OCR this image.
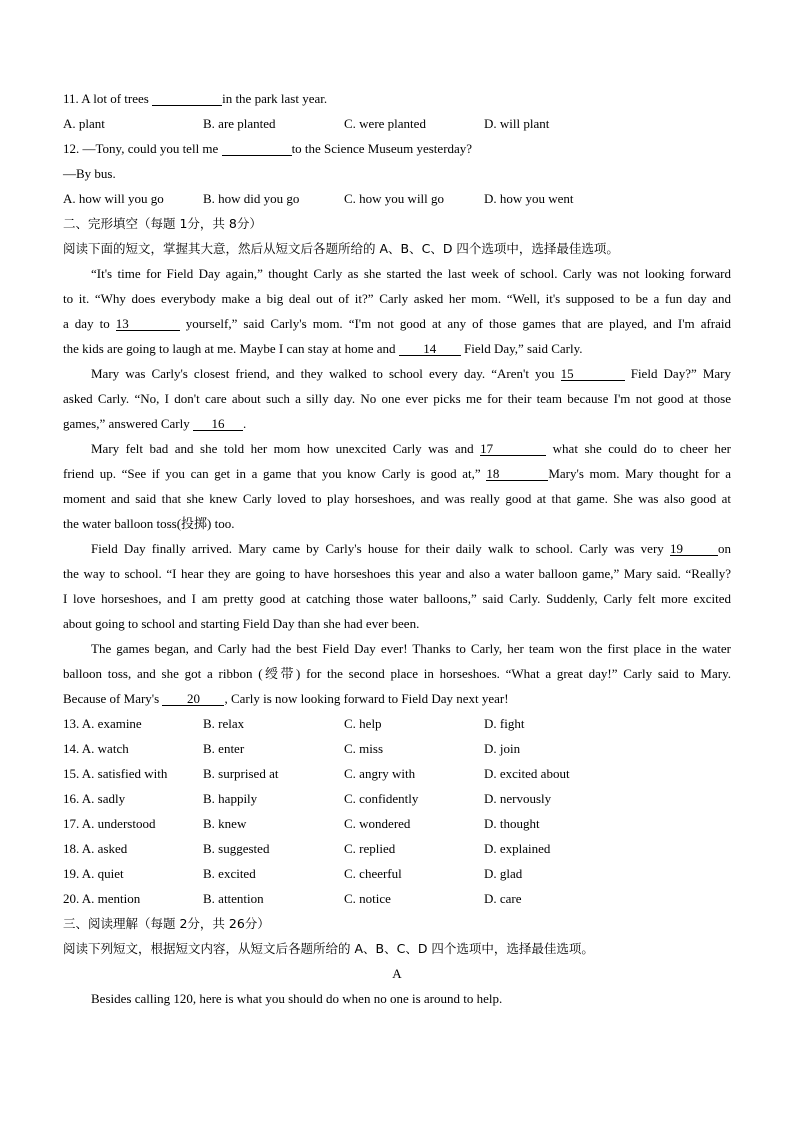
11. A lot of trees	in the park last year.
A. plant	B. are planted	C. were planted	D. will plant
12. —Tony, could you tell me	to the Science Museum yesterday?
—By bus.
A. how will you go	B. how did you go	C. how you will go	D. how you went
二、完形填空（每题 1分，共 8分）
阅读下面的短文，掌握其大意，然后从短文后各题所给的 A、B、C、D 四个选项中，选择最佳选项。
“It's time for Field Day again,” thought Carly as she started the last week of school. Carly was not looking forward
to it. “Why does everybody make a big deal out of it?” Carly asked her mom. “Well, it's supposed to be a fun day and
a day to 13	yourself,” said Carly's mom. “I'm not good at any of those games that are played, and I'm afraid
the kids are going to laugh at me. Maybe I can stay at home and 14 Field Day,” said Carly.
Mary was Carly's closest friend, and they walked to school every day. “Aren't you 15	Field Day?” Mary
asked Carly. “No, I don't care about such a silly day. No one ever picks me for their team because I'm not good at those
games,” answered Carly 16 .
Mary felt bad and she told her mom how unexcited Carly was and 17	what she could do to cheer her
friend up. “See if you can get in a game that you know Carly is good at,” 18	Mary's mom. Mary thought for a
moment and said that she knew Carly loved to play horseshoes, and was really good at that game. She was also good at
the water balloon toss(投掷) too.
Field Day finally arrived. Mary came by Carly's house for their daily walk to school. Carly was very 19	on
the way to school. “I hear they are going to have horseshoes this year and also a water balloon game,” Mary said. “Really?
I love horseshoes, and I am pretty good at catching those water balloons,” said Carly. Suddenly, Carly felt more excited
about going to school and starting Field Day than she had ever been.
The games began, and Carly had the best Field Day ever! Thanks to Carly, her team won the first place in the water
balloon toss, and she got a ribbon (绶带) for the second place in horseshoes. “What a great day!” Carly said to Mary.
Because of Mary's 20 , Carly is now looking forward to Field Day next year!
13. A. examine	B. relax	C. help	D. fight
14. A. watch	B. enter	C. miss	D. join
15. A. satisfied with	B. surprised at	C. angry with	D. excited about
16. A. sadly	B. happily	C. confidently	D. nervously
17. A. understood	B. knew	C. wondered	D. thought
18. A. asked	B. suggested	C. replied	D. explained
19. A. quiet	B. excited	C. cheerful	D. glad
20. A. mention	B. attention	C. notice	D. care
三、阅读理解（每题 2分，共 26分）
阅读下列短文，根据短文内容，从短文后各题所给的 A、B、C、D 四个选项中，选择最佳选项。
A
Besides calling 120, here is what you should do when no one is around to help.
